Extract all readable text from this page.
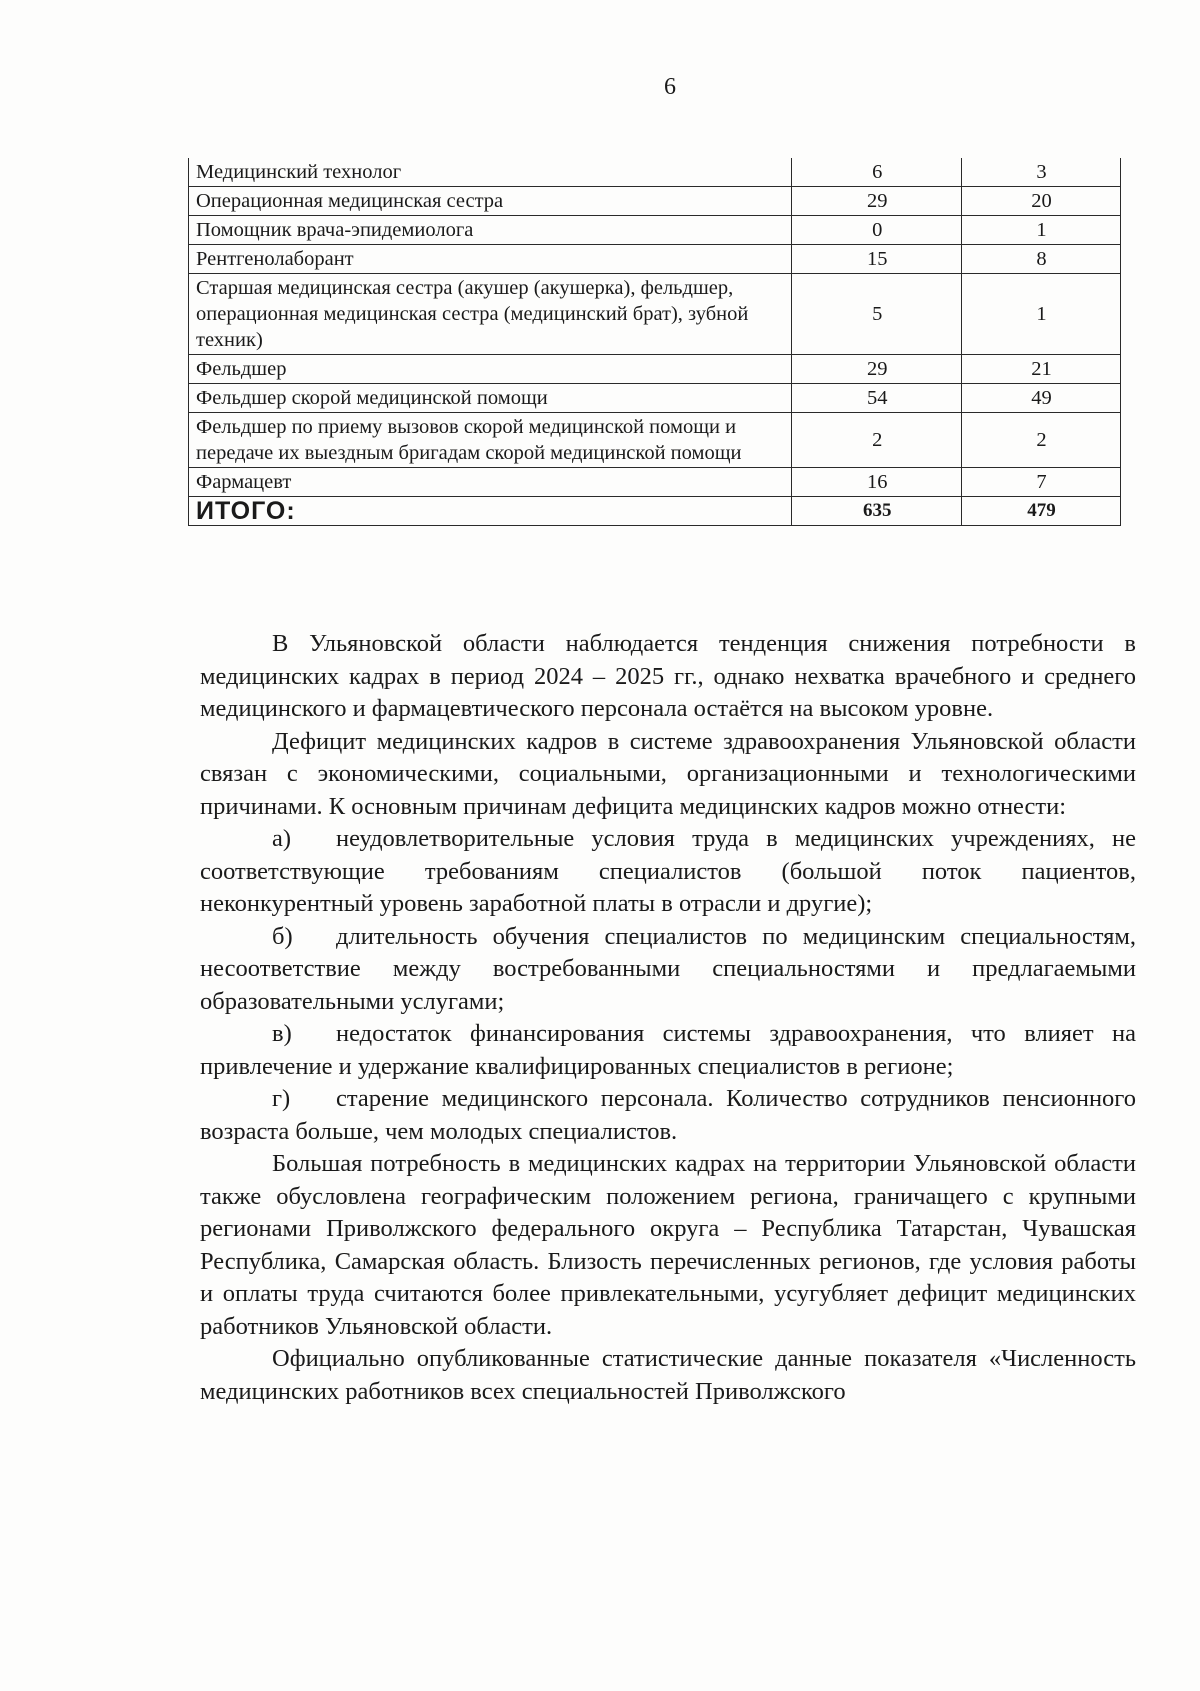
6
Медицинский технолог	6	3
Операционная медицинская сестра	29	20
Помощник врача-эпидемиолога	0	1
Рентгенолаборант	15	8
Старшая медицинская сестра (акушер (акушерка), фельдшер, операционная медицинская сестра (медицинский брат), зубной техник)	5	1
Фельдшер	29	21
Фельдшер скорой медицинской помощи	54	49
Фельдшер по приему вызовов скорой медицинской помощи и передаче их выездным бригадам скорой медицинской помощи	2	2
Фармацевт	16	7
ИТОГО:	635	479

В Ульяновской области наблюдается тенденция снижения потребности в медицинских кадрах в период 2024 – 2025 гг., однако нехватка врачебного и среднего медицинского и фармацевтического персонала остаётся на высоком уровне.

Дефицит медицинских кадров в системе здравоохранения Ульяновской области связан с экономическими, социальными, организационными и технологическими причинами. К основным причинам дефицита медицинских кадров можно отнести:

а) неудовлетворительные условия труда в медицинских учреждениях, не соответствующие требованиям специалистов (большой поток пациентов, неконкурентный уровень заработной платы в отрасли и другие);

б) длительность обучения специалистов по медицинским специальностям, несоответствие между востребованными специальностями и предлагаемыми образовательными услугами;

в) недостаток финансирования системы здравоохранения, что влияет на привлечение и удержание квалифицированных специалистов в регионе;

г) старение медицинского персонала. Количество сотрудников пенсионного возраста больше, чем молодых специалистов.

Большая потребность в медицинских кадрах на территории Ульяновской области также обусловлена географическим положением региона, граничащего с крупными регионами Приволжского федерального округа – Республика Татарстан, Чувашская Республика, Самарская область. Близость перечисленных регионов, где условия работы и оплаты труда считаются более привлекательными, усугубляет дефицит медицинских работников Ульяновской области.

Официально опубликованные статистические данные показателя «Численность медицинских работников всех специальностей Приволжского
